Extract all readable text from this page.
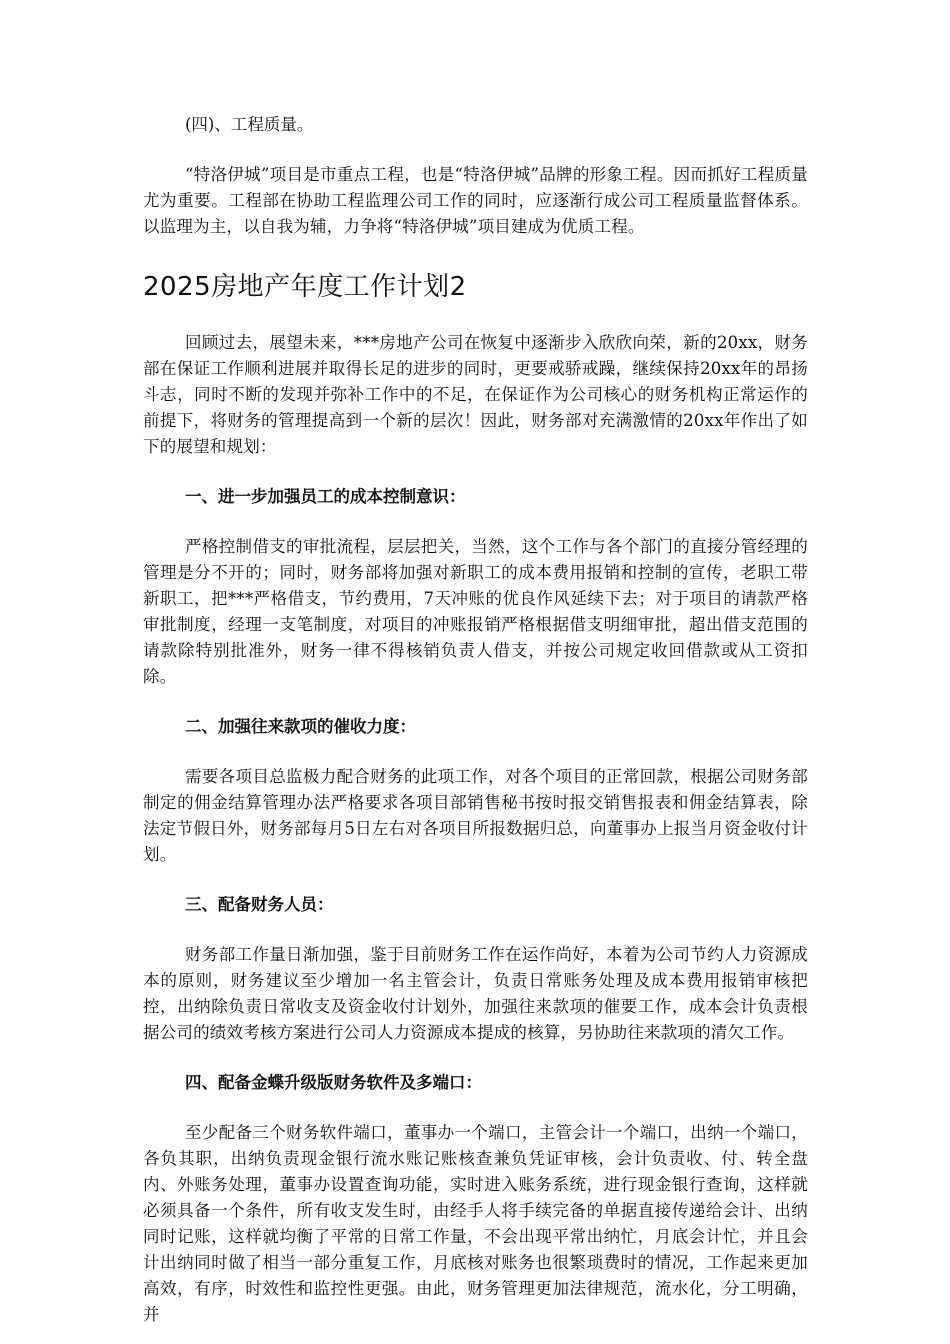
(四)、工程质量。

“特洛伊城”项目是市重点工程，也是“特洛伊城”品牌的形象工程。因而抓好工程质量尤为重要。工程部在协助工程监理公司工作的同时，应逐渐行成公司工程质量监督体系。以监理为主，以自我为辅，力争将“特洛伊城”项目建成为优质工程。

2025房地产年度工作计划2

回顾过去，展望未来，***房地产公司在恢复中逐渐步入欣欣向荣，新的20xx，财务部在保证工作顺利进展并取得长足的进步的同时，更要戒骄戒躁，继续保持20xx年的昂扬斗志，同时不断的发现并弥补工作中的不足，在保证作为公司核心的财务机构正常运作的前提下，将财务的管理提高到一个新的层次！因此，财务部对充满激情的20xx年作出了如下的展望和规划：

一、进一步加强员工的成本控制意识：

严格控制借支的审批流程，层层把关，当然，这个工作与各个部门的直接分管经理的管理是分不开的；同时，财务部将加强对新职工的成本费用报销和控制的宣传，老职工带新职工，把***严格借支，节约费用，7天冲账的优良作风延续下去；对于项目的请款严格审批制度，经理一支笔制度，对项目的冲账报销严格根据借支明细审批，超出借支范围的请款除特别批准外，财务一律不得核销负责人借支，并按公司规定收回借款或从工资扣除。

二、加强往来款项的催收力度：

需要各项目总监极力配合财务的此项工作，对各个项目的正常回款，根据公司财务部制定的佣金结算管理办法严格要求各项目部销售秘书按时报交销售报表和佣金结算表，除法定节假日外，财务部每月5日左右对各项目所报数据归总，向董事办上报当月资金收付计划。

三、配备财务人员：

财务部工作量日渐加强，鉴于目前财务工作在运作尚好，本着为公司节约人力资源成本的原则，财务建议至少增加一名主管会计，负责日常账务处理及成本费用报销审核把控，出纳除负责日常收支及资金收付计划外，加强往来款项的催要工作，成本会计负责根据公司的绩效考核方案进行公司人力资源成本提成的核算，另协助往来款项的清欠工作。

四、配备金蝶升级版财务软件及多端口：

至少配备三个财务软件端口，董事办一个端口，主管会计一个端口，出纳一个端口，各负其职，出纳负责现金银行流水账记账核查兼负凭证审核，会计负责收、付、转全盘内、外账务处理，董事办设置查询功能，实时进入账务系统，进行现金银行查询，这样就必须具备一个条件，所有收支发生时，由经手人将手续完备的单据直接传递给会计、出纳同时记账，这样就均衡了平常的日常工作量，不会出现平常出纳忙，月底会计忙，并且会计出纳同时做了相当一部分重复工作，月底核对账务也很繁琐费时的情况，工作起来更加高效，有序，时效性和监控性更强。由此，财务管理更加法律规范，流水化，分工明确，并
